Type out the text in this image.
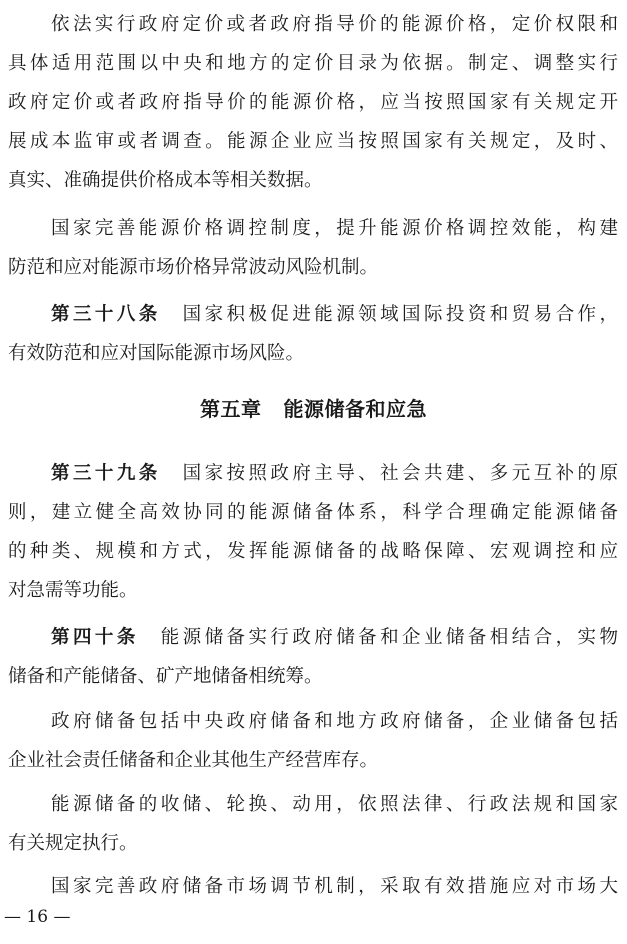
依法实行政府定价或者政府指导价的能源价格，定价权限和
具体适用范围以中央和地方的定价目录为依据。制定、调整实行
政府定价或者政府指导价的能源价格，应当按照国家有关规定开
展成本监审或者调查。能源企业应当按照国家有关规定，及时、
真实、准确提供价格成本等相关数据。
国家完善能源价格调控制度，提升能源价格调控效能，构建
防范和应对能源市场价格异常波动风险机制。
第三十八条　 国家积极促进能源领域国际投资和贸易合作，
有效防范和应对国际能源市场风险。
第五章 能源储备和应急
第三十九条　 国家按照政府主导、社会共建、多元互补的原
则，建立健全高效协同的能源储备体系，科学合理确定能源储备
的种类、规模和方式，发挥能源储备的战略保障、宏观调控和应
对急需等功能。
第四十条　 能源储备实行政府储备和企业储备相结合，实物
储备和产能储备、矿产地储备相统筹。
政府储备包括中央政府储备和地方政府储备，企业储备包括
企业社会责任储备和企业其他生产经营库存。
能源储备的收储、轮换、动用，依照法律、行政法规和国家
有关规定执行。
国家完善政府储备市场调节机制，采取有效措施应对市场大
— 16 —
